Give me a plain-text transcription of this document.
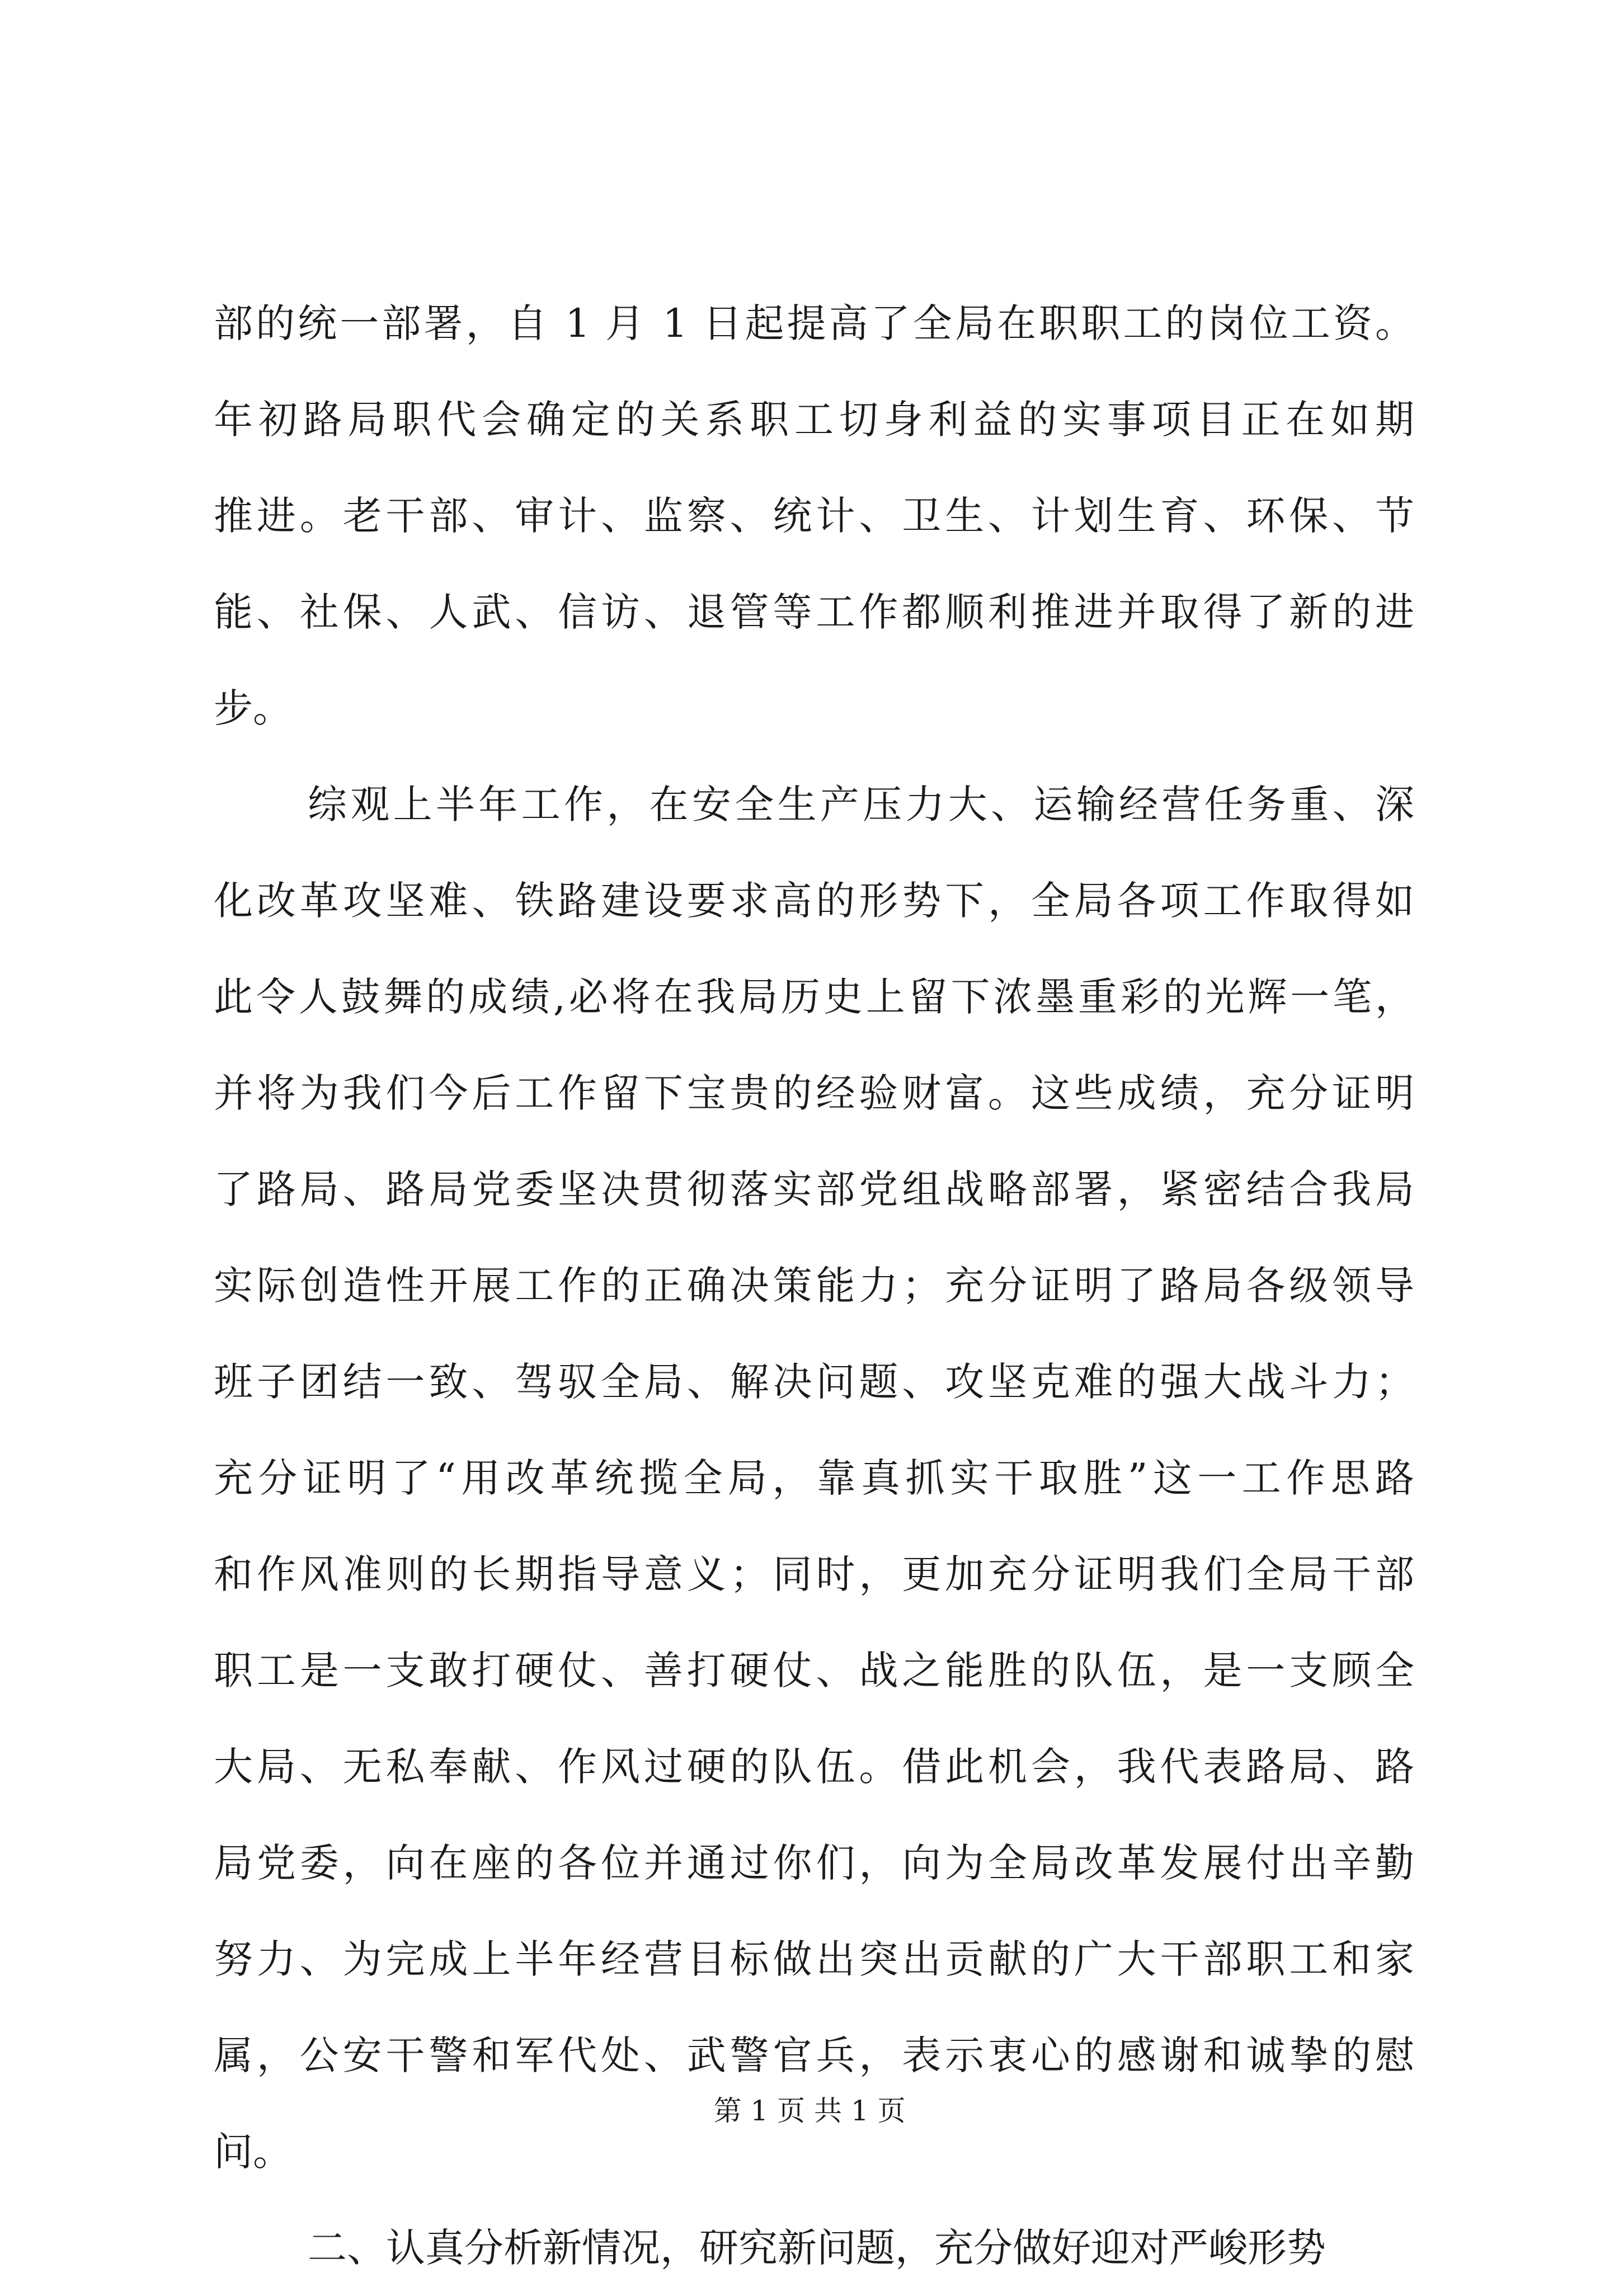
部的统一部署，自 1 月 1 日起提高了全局在职职工的岗位工资。
年初路局职代会确定的关系职工切身利益的实事项目正在如期
推进。老干部、审计、监察、统计、卫生、计划生育、环保、节
能、社保、人武、信访、退管等工作都顺利推进并取得了新的进
步。
综观上半年工作，在安全生产压力大、运输经营任务重、深
化改革攻坚难、铁路建设要求高的形势下，全局各项工作取得如
此令人鼓舞的成绩,必将在我局历史上留下浓墨重彩的光辉一笔，
并将为我们今后工作留下宝贵的经验财富。这些成绩，充分证明
了路局、路局党委坚决贯彻落实部党组战略部署，紧密结合我局
实际创造性开展工作的正确决策能力；充分证明了路局各级领导
班子团结一致、驾驭全局、解决问题、攻坚克难的强大战斗力；
充分证明了“用改革统揽全局，靠真抓实干取胜”这一工作思路
和作风准则的长期指导意义；同时，更加充分证明我们全局干部
职工是一支敢打硬仗、善打硬仗、战之能胜的队伍，是一支顾全
大局、无私奉献、作风过硬的队伍。借此机会，我代表路局、路
局党委，向在座的各位并通过你们，向为全局改革发展付出辛勤
努力、为完成上半年经营目标做出突出贡献的广大干部职工和家
属，公安干警和军代处、武警官兵，表示衷心的感谢和诚挚的慰
问。
二、认真分析新情况，研究新问题，充分做好迎对严峻形势
第 1 页 共 1 页
